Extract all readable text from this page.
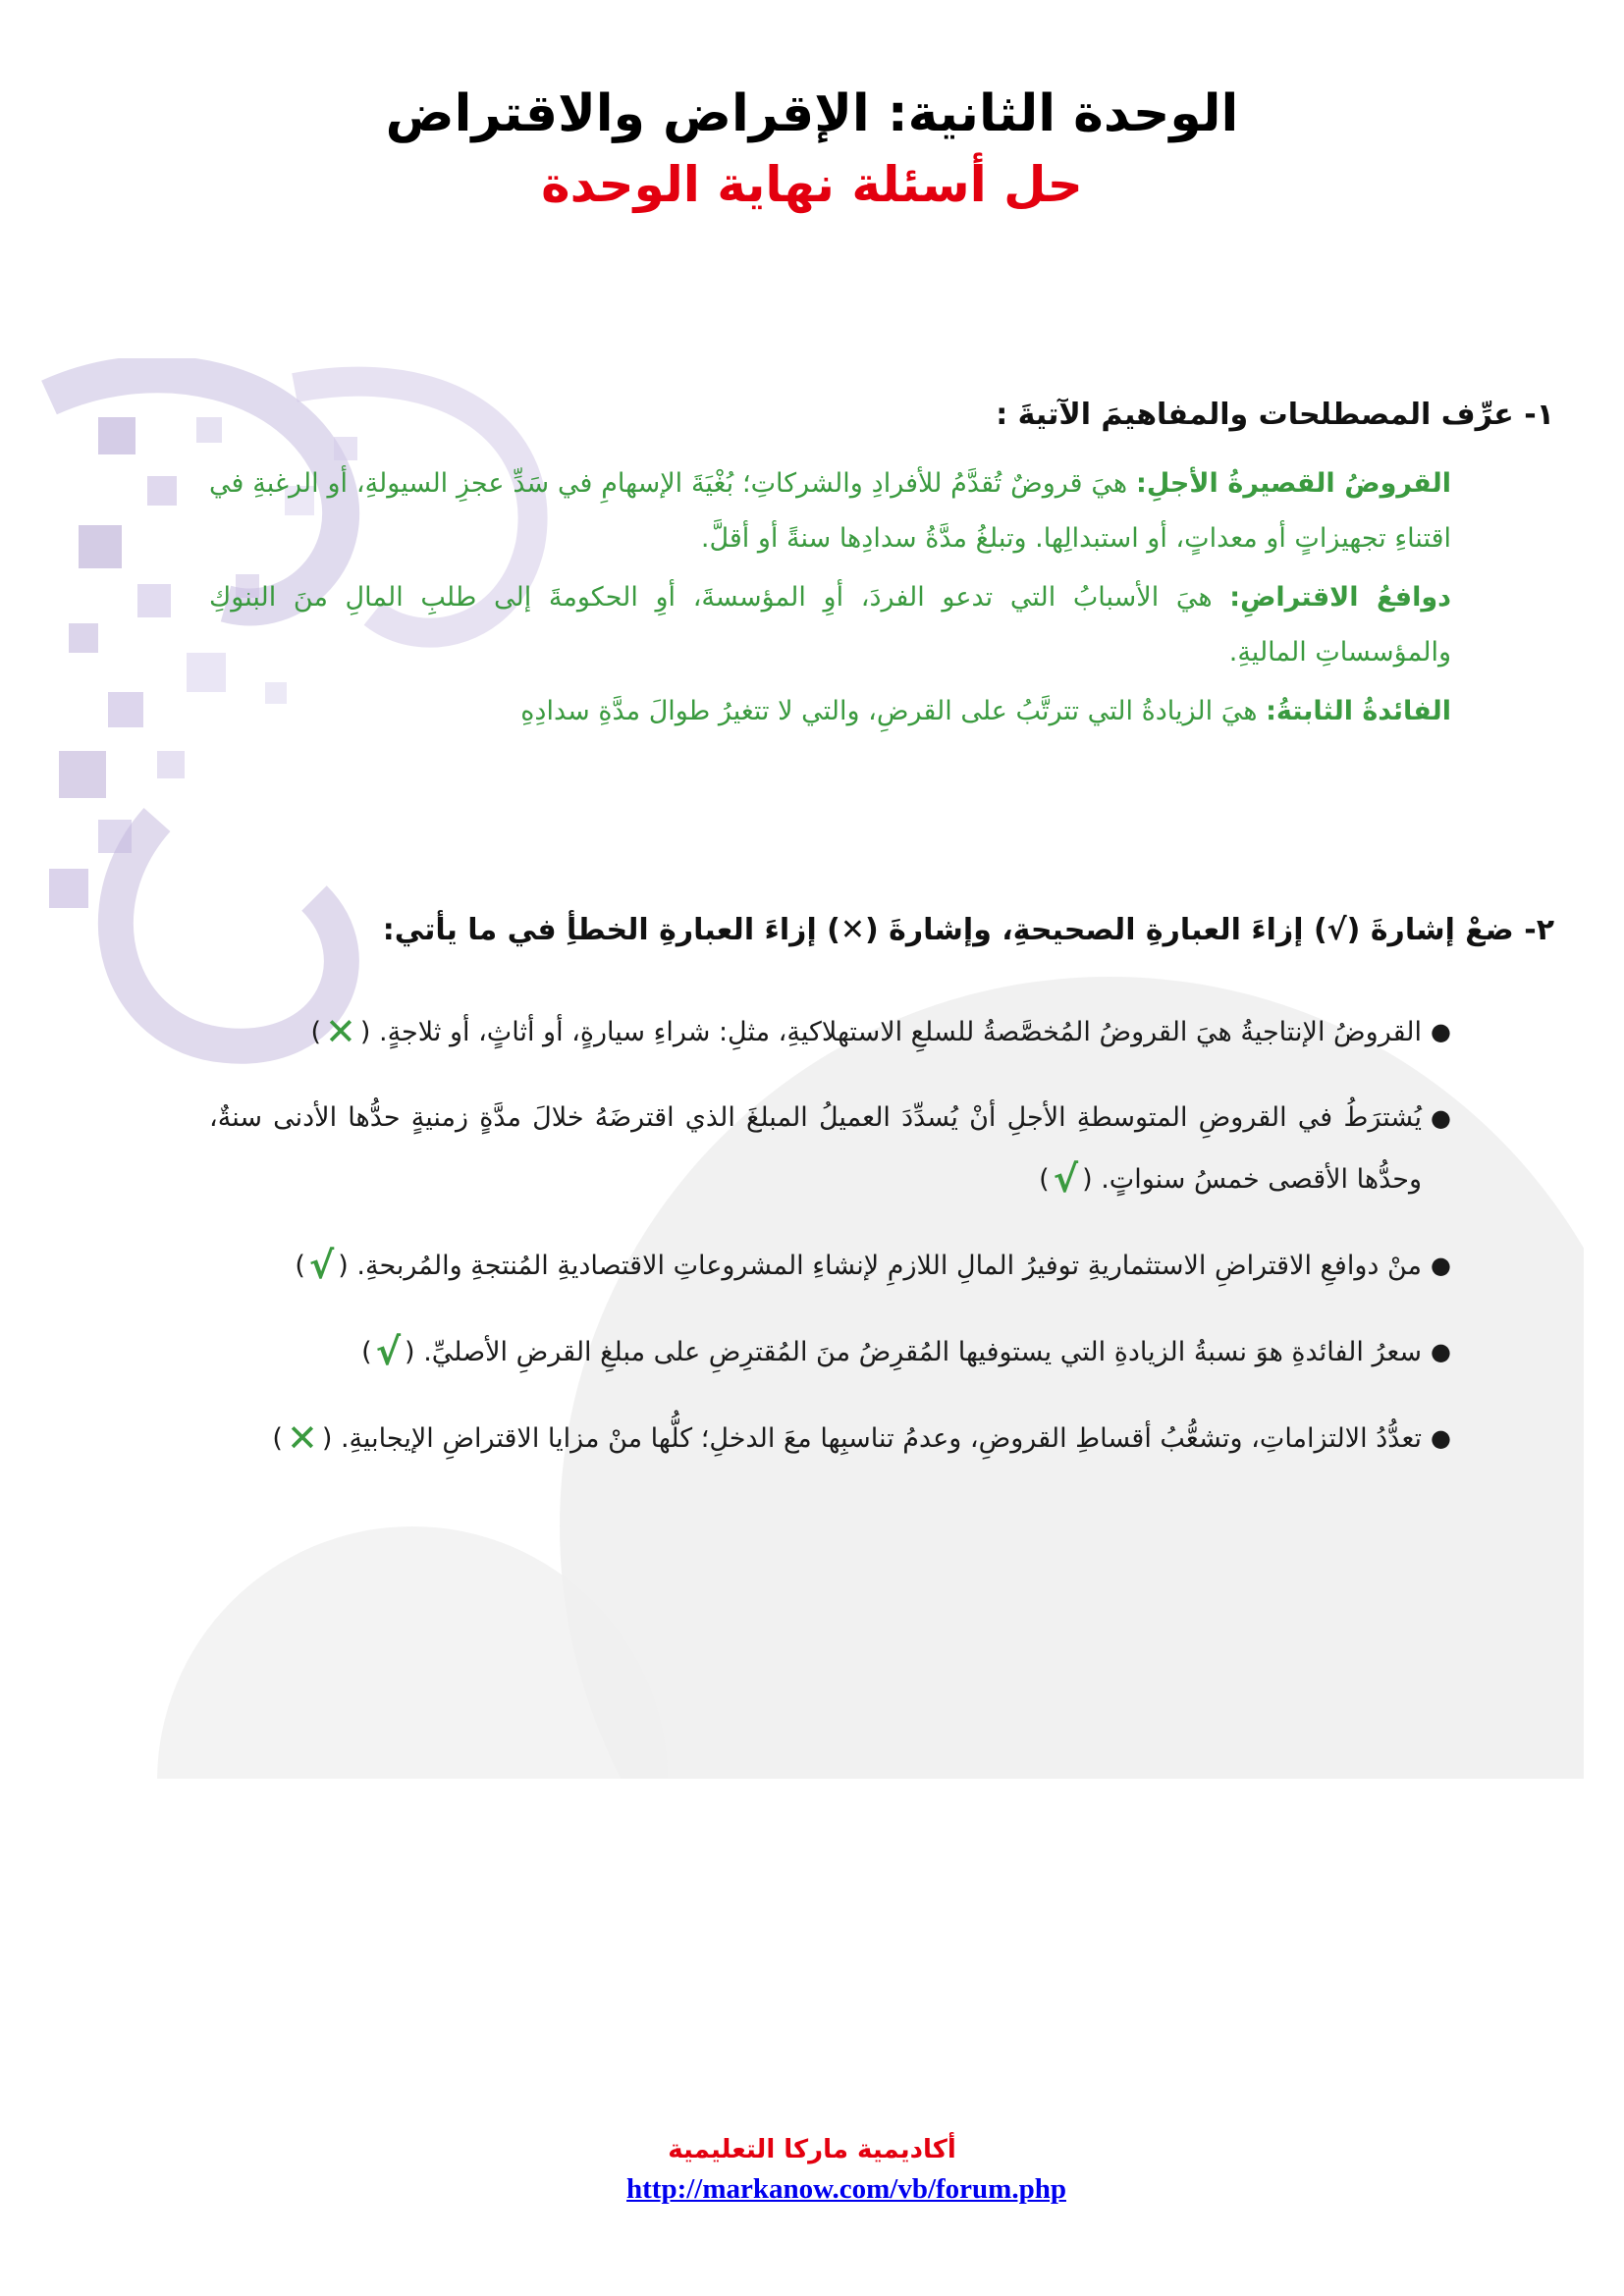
الوحدة الثانية: الإقراض والاقتراض
حل أسئلة نهاية الوحدة
١- عرِّف المصطلحات والمفاهيمَ الآتيةَ :

القروضُ القصيرةُ الأجلِ: هيَ قروضٌ تُقدَّمُ للأفرادِ والشركاتِ؛ بُغْيَةَ الإسهامِ في سَدِّ عجزِ السيولةِ، أو الرغبةِ في اقتناءِ تجهيزاتٍ أو معداتٍ، أو استبدالِها. وتبلغُ مدَّةُ سدادِها سنةً أو أقلَّ.

دوافعُ الاقتراضِ: هيَ الأسبابُ التي تدعو الفردَ، أوِ المؤسسةَ، أوِ الحكومةَ إلى طلبِ المالِ منَ البنوكِ والمؤسساتِ الماليةِ.

الفائدةُ الثابتةُ: هيَ الزيادةُ التي تترتَّبُ على القرضِ، والتي لا تتغيرُ طوالَ مدَّةِ سدادِهِ

٢- ضعْ إشارةَ (√) إزاءَ العبارةِ الصحيحةِ، وإشارةَ (✕) إزاءَ العبارةِ الخطأِ في ما يأتي:
●
القروضُ الإنتاجيةُ هيَ القروضُ المُخصَّصةُ للسلعِ الاستهلاكيةِ، مثلِ: شراءِ سيارةٍ، أو أثاثٍ، أو ثلاجةٍ. (✕)
●
يُشترَطُ في القروضِ المتوسطةِ الأجلِ أنْ يُسدِّدَ العميلُ المبلغَ الذي اقترضَهُ خلالَ مدَّةٍ زمنيةٍ حدُّها الأدنى سنةٌ، وحدُّها الأقصى خمسُ سنواتٍ. (√)
●
منْ دوافعِ الاقتراضِ الاستثماريةِ توفيرُ المالِ اللازمِ لإنشاءِ المشروعاتِ الاقتصاديةِ المُنتجةِ والمُربحةِ. (√)
●
سعرُ الفائدةِ هوَ نسبةُ الزيادةِ التي يستوفيها المُقرِضُ منَ المُقترِضِ على مبلغِ القرضِ الأصليِّ. (√)
●
تعدُّدُ الالتزاماتِ، وتشعُّبُ أقساطِ القروضِ، وعدمُ تناسبِها معَ الدخلِ؛ كلُّها منْ مزايا الاقتراضِ الإيجابيةِ. (✕)
أكاديمية ماركا التعليمية
http://markanow.com/vb/forum.php
